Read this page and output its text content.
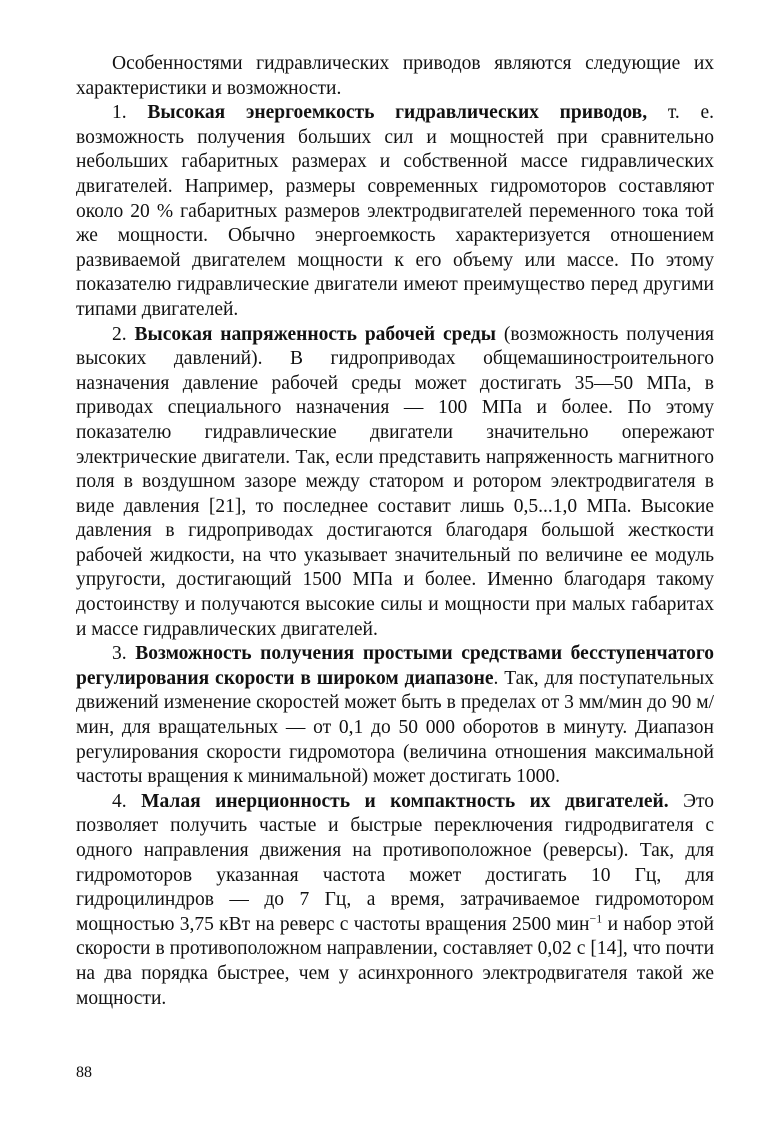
Особенностями гидравлических приводов являются следующие их характеристики и возможности.

1. Высокая энергоемкость гидравлических приводов, т. е. возможность получения больших сил и мощностей при сравнительно небольших габаритных размерах и собственной массе гидравлических двигателей. Например, размеры современных гидромоторов составляют около 20 % габаритных размеров электродвигателей переменного тока той же мощности. Обычно энергоемкость характеризуется отношением развиваемой двигателем мощности к его объему или массе. По этому показателю гидравлические двигатели имеют преимущество перед другими типами двигателей.

2. Высокая напряженность рабочей среды (возможность получения высоких давлений). В гидроприводах общемашиностроительного назначения давление рабочей среды может достигать 35—50 МПа, в приводах специального назначения — 100 МПа и более. По этому показателю гидравлические двигатели значительно опережают электрические двигатели. Так, если представить напряженность магнитного поля в воздушном зазоре между статором и ротором электродвигателя в виде давления [21], то последнее составит лишь 0,5...1,0 МПа. Высокие давления в гидроприводах достигаются благодаря большой жесткости рабочей жидкости, на что указывает значительный по величине ее модуль упругости, достигающий 1500 МПа и более. Именно благодаря такому достоинству и получаются высокие силы и мощности при малых габаритах и массе гидравлических двигателей.

3. Возможность получения простыми средствами бесступенчатого регулирования скорости в широком диапазоне. Так, для поступательных движений изменение скоростей может быть в пределах от 3 мм/мин до 90 м/мин, для вращательных — от 0,1 до 50 000 оборотов в минуту. Диапазон регулирования скорости гидромотора (величина отношения максимальной частоты вращения к минимальной) может достигать 1000.

4. Малая инерционность и компактность их двигателей. Это позволяет получить частые и быстрые переключения гидродвигателя с одного направления движения на противоположное (реверсы). Так, для гидромоторов указанная частота может достигать 10 Гц, для гидроцилиндров — до 7 Гц, а время, затрачиваемое гидромотором мощностью 3,75 кВт на реверс с частоты вращения 2500 мин$^{-1}$ и набор этой скорости в противоположном направлении, составляет 0,02 с [14], что почти на два порядка быстрее, чем у асинхронного электродвигателя такой же мощности.

88
